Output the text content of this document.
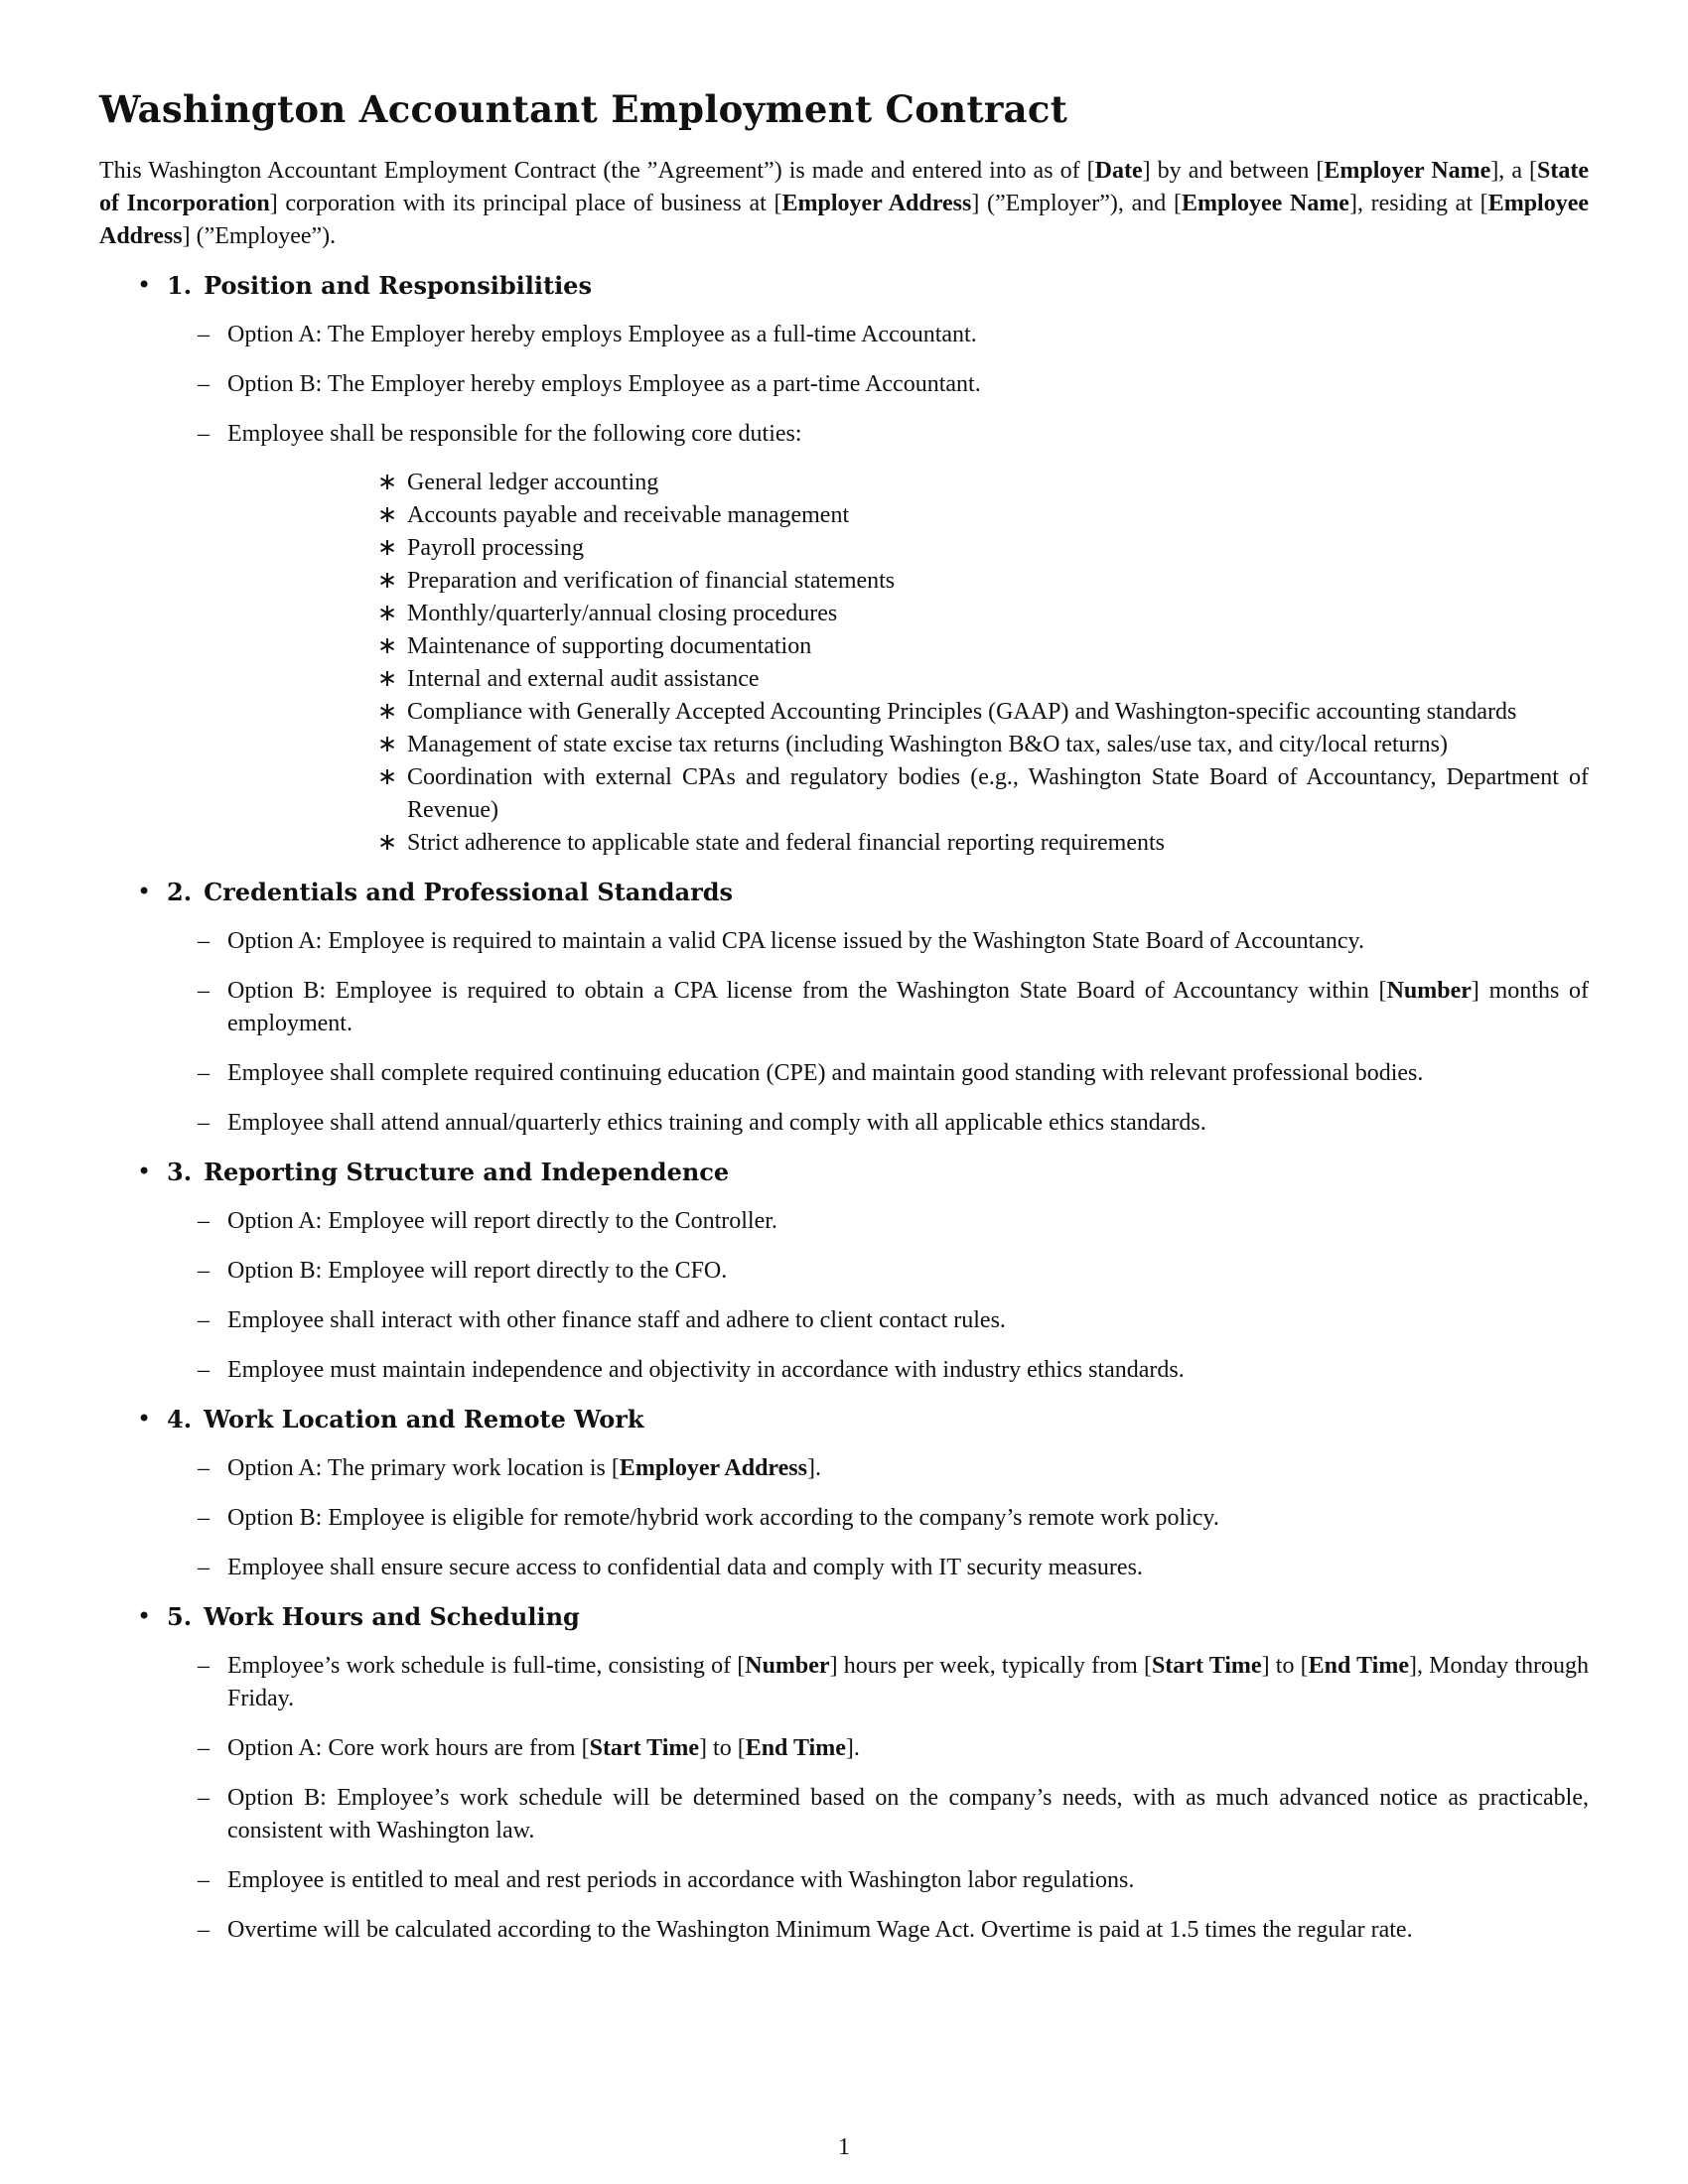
Washington Accountant Employment Contract

This Washington Accountant Employment Contract (the ”Agreement”) is made and entered into as of [Date] by and between [Employer Name], a [State of Incorporation] corporation with its principal place of business at [Employer Address] (”Employer”), and [Employee Name], residing at [Employee Address] (”Employee”).

• 1. Position and Responsibilities
– Option A: The Employer hereby employs Employee as a full-time Accountant.
– Option B: The Employer hereby employs Employee as a part-time Accountant.
– Employee shall be responsible for the following core duties:
∗ General ledger accounting
∗ Accounts payable and receivable management
∗ Payroll processing
∗ Preparation and verification of financial statements
∗ Monthly/quarterly/annual closing procedures
∗ Maintenance of supporting documentation
∗ Internal and external audit assistance
∗ Compliance with Generally Accepted Accounting Principles (GAAP) and Washington-specific accounting standards
∗ Management of state excise tax returns (including Washington B&O tax, sales/use tax, and city/local returns)
∗ Coordination with external CPAs and regulatory bodies (e.g., Washington State Board of Accountancy, Department of Revenue)
∗ Strict adherence to applicable state and federal financial reporting requirements
• 2. Credentials and Professional Standards
– Option A: Employee is required to maintain a valid CPA license issued by the Washington State Board of Accountancy.
– Option B: Employee is required to obtain a CPA license from the Washington State Board of Accountancy within [Number] months of employment.
– Employee shall complete required continuing education (CPE) and maintain good standing with relevant professional bodies.
– Employee shall attend annual/quarterly ethics training and comply with all applicable ethics standards.
• 3. Reporting Structure and Independence
– Option A: Employee will report directly to the Controller.
– Option B: Employee will report directly to the CFO.
– Employee shall interact with other finance staff and adhere to client contact rules.
– Employee must maintain independence and objectivity in accordance with industry ethics standards.
• 4. Work Location and Remote Work
– Option A: The primary work location is [Employer Address].
– Option B: Employee is eligible for remote/hybrid work according to the company’s remote work policy.
– Employee shall ensure secure access to confidential data and comply with IT security measures.
• 5. Work Hours and Scheduling
– Employee’s work schedule is full-time, consisting of [Number] hours per week, typically from [Start Time] to [End Time], Monday through Friday.
– Option A: Core work hours are from [Start Time] to [End Time].
– Option B: Employee’s work schedule will be determined based on the company’s needs, with as much advanced notice as practicable, consistent with Washington law.
– Employee is entitled to meal and rest periods in accordance with Washington labor regulations.
– Overtime will be calculated according to the Washington Minimum Wage Act. Overtime is paid at 1.5 times the regular rate.
1
